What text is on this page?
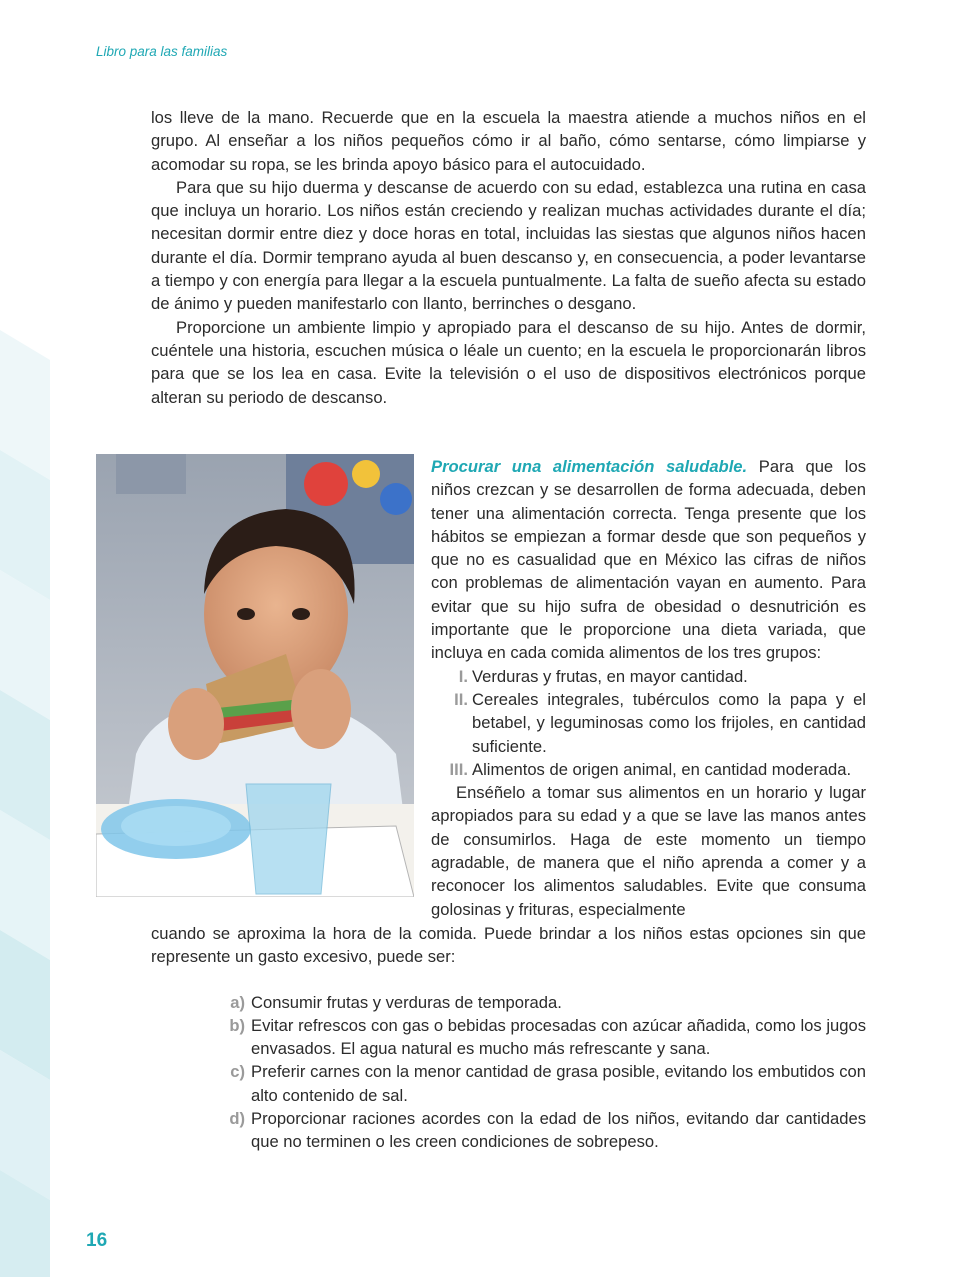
Libro para las familias

los lleve de la mano. Recuerde que en la escuela la maestra atiende a muchos niños en el grupo. Al enseñar a los niños pequeños cómo ir al baño, cómo sentarse, cómo limpiarse y acomodar su ropa, se les brinda apoyo básico para el autocuidado.

Para que su hijo duerma y descanse de acuerdo con su edad, establezca una rutina en casa que incluya un horario. Los niños están creciendo y realizan muchas actividades durante el día; necesitan dormir entre diez y doce horas en total, incluidas las siestas que algunos niños hacen durante el día. Dormir temprano ayuda al buen descanso y, en consecuencia, a poder levantarse a tiempo y con energía para llegar a la escuela puntualmente. La falta de sueño afecta su estado de ánimo y pueden manifestarlo con llanto, berrinches o desgano.

Proporcione un ambiente limpio y apropiado para el descanso de su hijo. Antes de dormir, cuéntele una historia, escuchen música o léale un cuento; en la escuela le proporcionarán libros para que se los lea en casa. Evite la televisión o el uso de dispositivos electrónicos porque alteran su periodo de descanso.

Procurar una alimentación saludable. Para que los niños crezcan y se desarrollen de forma adecuada, deben tener una alimentación correcta. Tenga presente que los hábitos se empiezan a formar desde que son pequeños y que no es casualidad que en México las cifras de niños con problemas de alimentación vayan en aumento. Para evitar que su hijo sufra de obesidad o desnutrición es importante que le proporcione una dieta variada, que incluya en cada comida alimentos de los tres grupos:

I. Verduras y frutas, en mayor cantidad.
II. Cereales integrales, tubérculos como la papa y el betabel, y leguminosas como los frijoles, en cantidad suficiente.
III. Alimentos de origen animal, en cantidad moderada.

Enséñelo a tomar sus alimentos en un horario y lugar apropiados para su edad y a que se lave las manos antes de consumirlos. Haga de este momento un tiempo agradable, de manera que el niño aprenda a comer y a reconocer los alimentos saludables. Evite que consuma golosinas y frituras, especialmente

cuando se aproxima la hora de la comida. Puede brindar a los niños estas opciones sin que represente un gasto excesivo, puede ser:

a) Consumir frutas y verduras de temporada.
b) Evitar refrescos con gas o bebidas procesadas con azúcar añadida, como los jugos envasados. El agua natural es mucho más refrescante y sana.
c) Preferir carnes con la menor cantidad de grasa posible, evitando los embutidos con alto contenido de sal.
d) Proporcionar raciones acordes con la edad de los niños, evitando dar cantidades que no terminen o les creen condiciones de sobrepeso.
16
